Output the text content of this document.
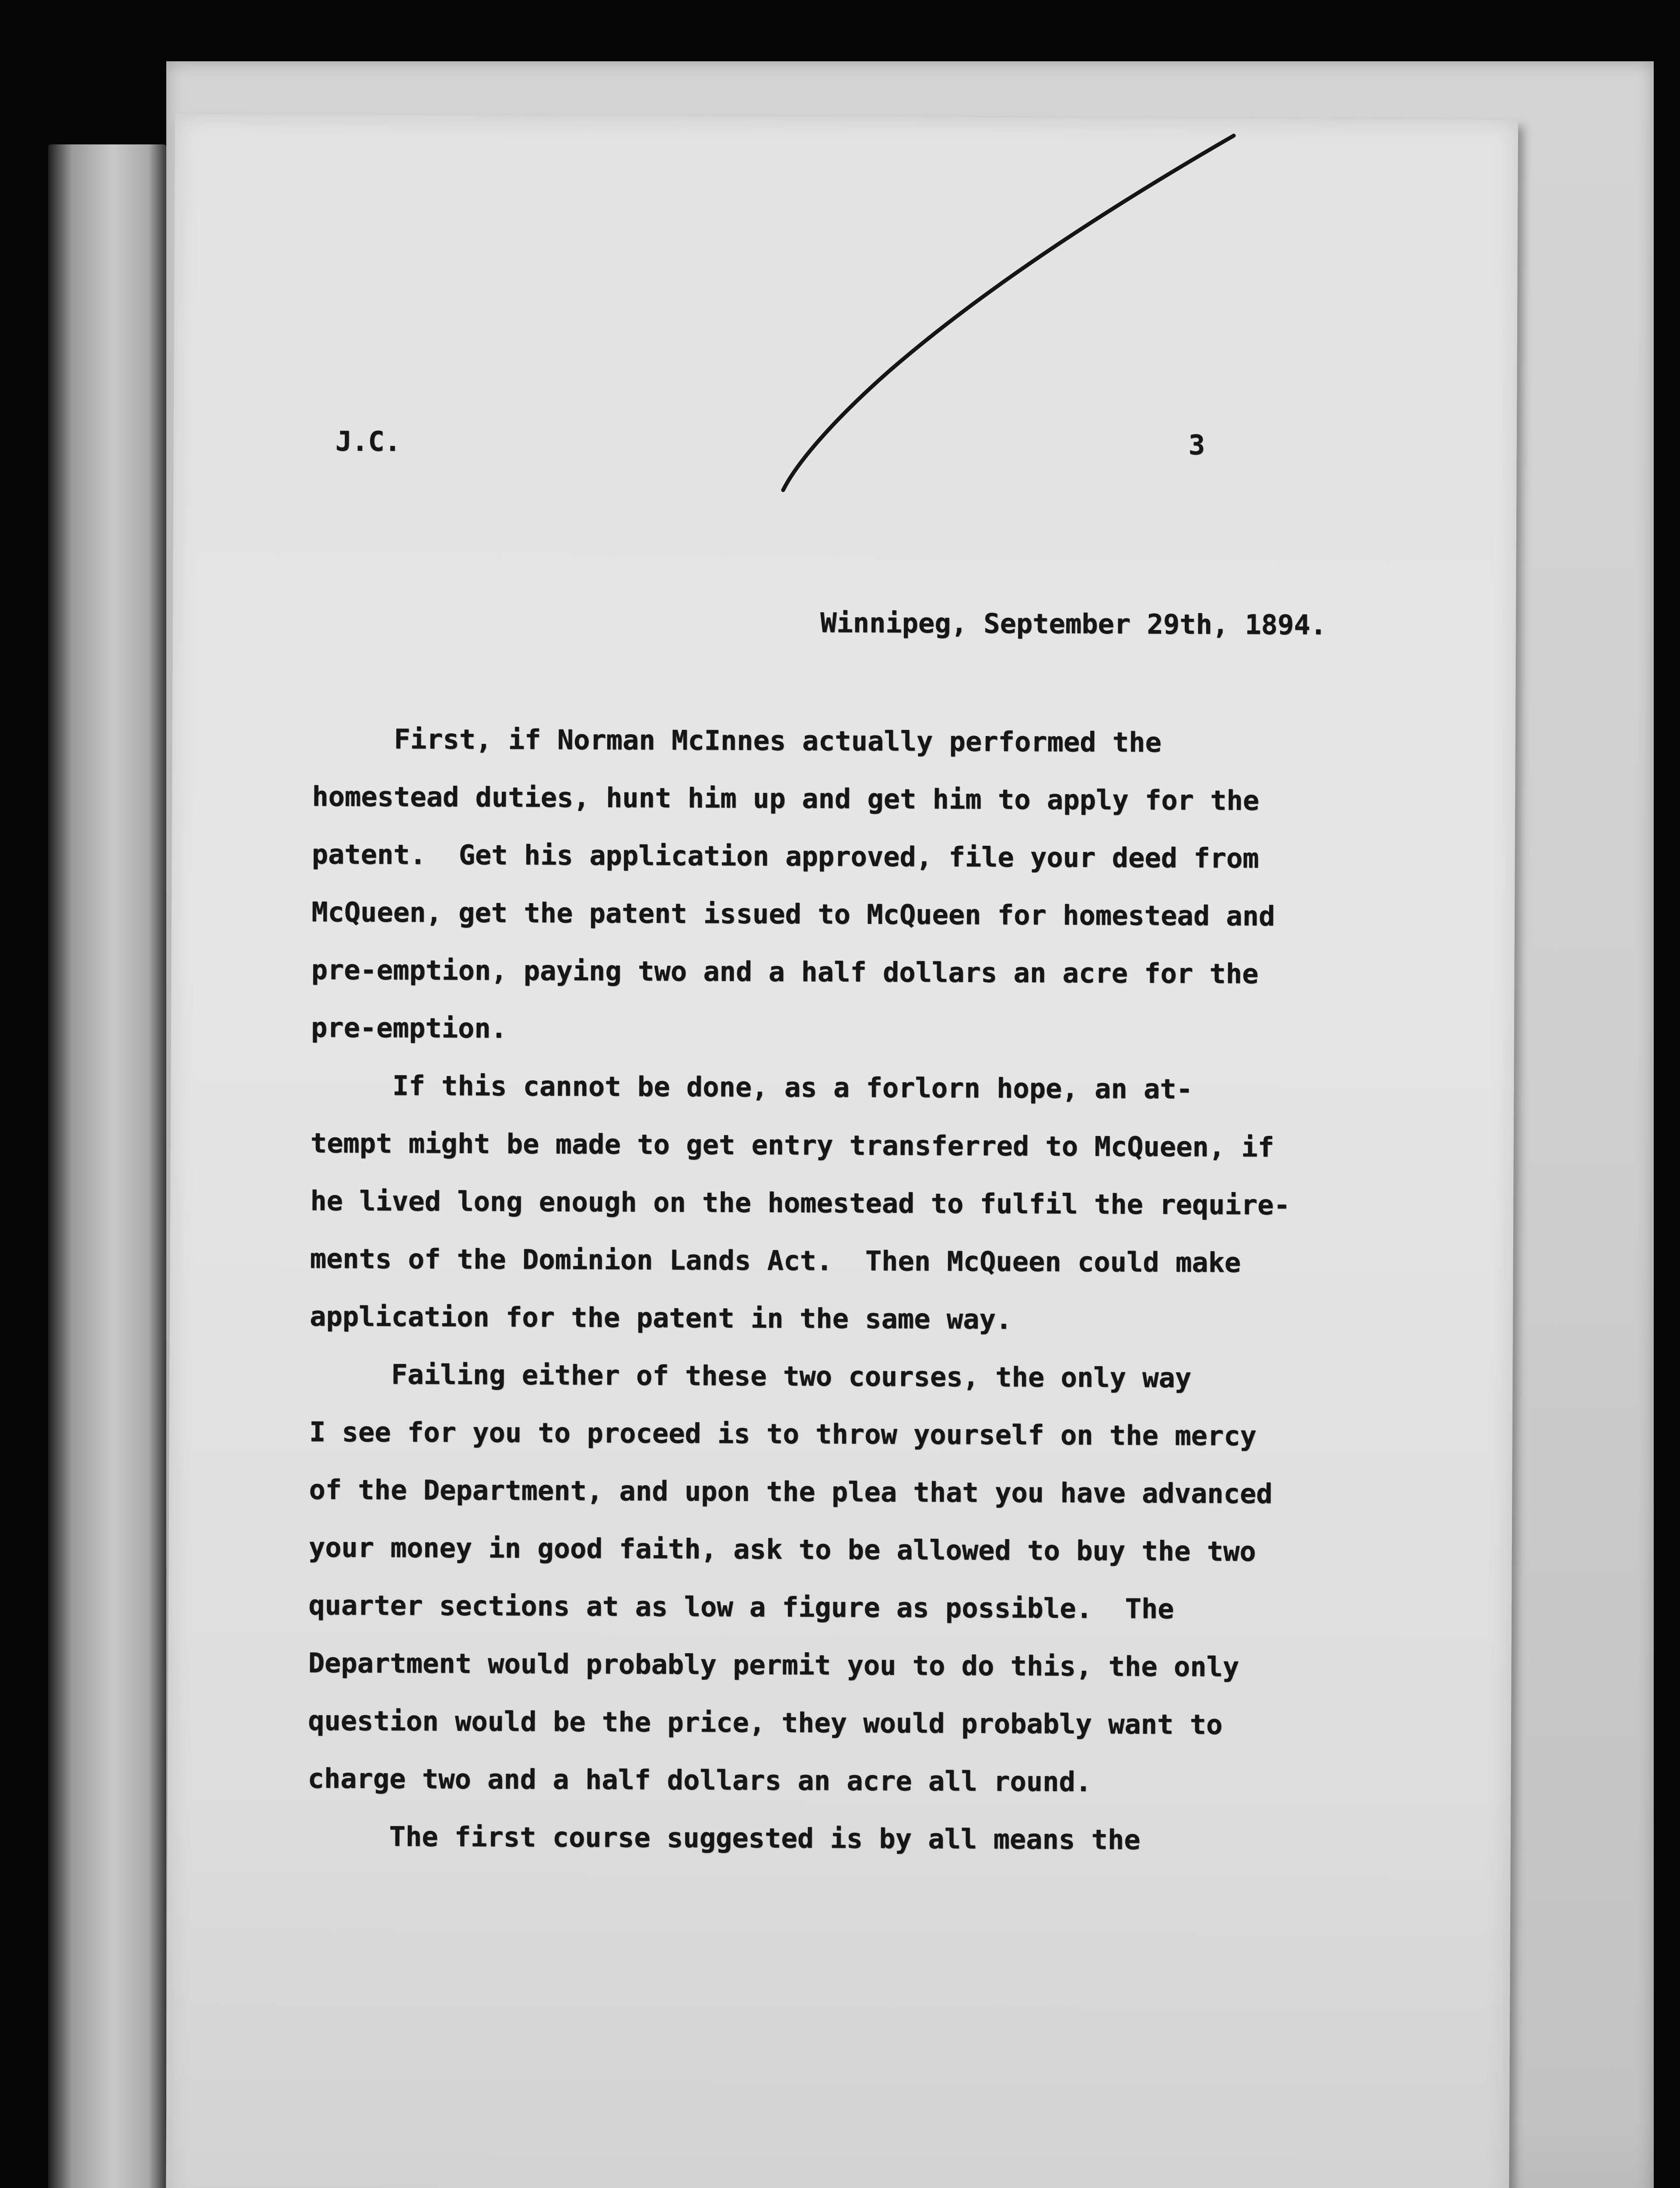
J.C.	3
Winnipeg, September 29th, 1894.
First, if Norman McInnes actually performed the
homestead duties, hunt him up and get him to apply for the
patent.  Get his application approved, file your deed from
McQueen, get the patent issued to McQueen for homestead and
pre-emption, paying two and a half dollars an acre for the
pre-emption.
If this cannot be done, as a forlorn hope, an at-
tempt might be made to get entry transferred to McQueen, if
he lived long enough on the homestead to fulfil the require-
ments of the Dominion Lands Act.  Then McQueen could make
application for the patent in the same way.
Failing either of these two courses, the only way
I see for you to proceed is to throw yourself on the mercy
of the Department, and upon the plea that you have advanced
your money in good faith, ask to be allowed to buy the two
quarter sections at as low a figure as possible.  The
Department would probably permit you to do this, the only
question would be the price, they would probably want to
charge two and a half dollars an acre all round.
The first course suggested is by all means the
